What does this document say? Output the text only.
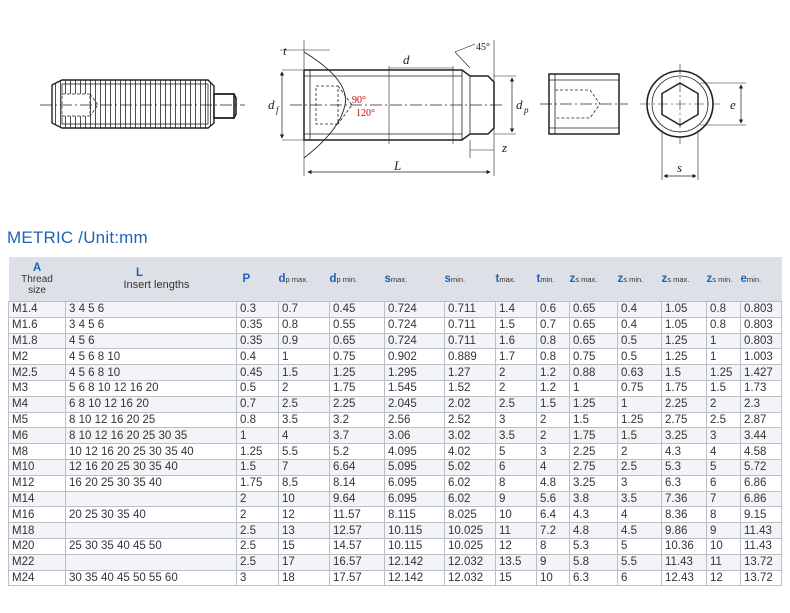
t
d
45°
d f
90°
120°
d p
z
L
e
s
METRIC /Unit:mm
A
Thread
size	L
Insert lengths	P	dp max.	dp min.	smax.	smin.	tmax.	tmin.	zs max.	zs min.	zs max.	zs min.	emin.
M1.4	3 4 5 6	0.3	0.7	0.45	0.724	0.711	1.4	0.6	0.65	0.4	1.05	0.8	0.803
M1.6	3 4 5 6	0.35	0.8	0.55	0.724	0.711	1.5	0.7	0.65	0.4	1.05	0.8	0.803
M1.8	4 5 6	0.35	0.9	0.65	0.724	0.711	1.6	0.8	0.65	0.5	1.25	1	0.803
M2	4 5 6 8 10	0.4	1	0.75	0.902	0.889	1.7	0.8	0.75	0.5	1.25	1	1.003
M2.5	4 5 6 8 10	0.45	1.5	1.25	1.295	1.27	2	1.2	0.88	0.63	1.5	1.25	1.427
M3	5 6 8 10 12 16 20	0.5	2	1.75	1.545	1.52	2	1.2	1	0.75	1.75	1.5	1.73
M4	6 8 10 12 16 20	0.7	2.5	2.25	2.045	2.02	2.5	1.5	1.25	1	2.25	2	2.3
M5	8 10 12 16 20 25	0.8	3.5	3.2	2.56	2.52	3	2	1.5	1.25	2.75	2.5	2.87
M6	8 10 12 16 20 25 30 35	1	4	3.7	3.06	3.02	3.5	2	1.75	1.5	3.25	3	3.44
M8	10 12 16 20 25 30 35 40	1.25	5.5	5.2	4.095	4.02	5	3	2.25	2	4.3	4	4.58
M10	12 16 20 25 30 35 40	1.5	7	6.64	5.095	5.02	6	4	2.75	2.5	5.3	5	5.72
M12	16 20 25 30 35 40	1.75	8.5	8.14	6.095	6.02	8	4.8	3.25	3	6.3	6	6.86
M14		2	10	9.64	6.095	6.02	9	5.6	3.8	3.5	7.36	7	6.86
M16	20 25 30 35 40	2	12	11.57	8.115	8.025	10	6.4	4.3	4	8.36	8	9.15
M18		2.5	13	12.57	10.115	10.025	11	7.2	4.8	4.5	9.86	9	11.43
M20	25 30 35 40 45 50	2.5	15	14.57	10.115	10.025	12	8	5.3	5	10.36	10	11.43
M22		2.5	17	16.57	12.142	12.032	13.5	9	5.8	5.5	11.43	11	13.72
M24	30 35 40 45 50 55 60	3	18	17.57	12.142	12.032	15	10	6.3	6	12.43	12	13.72
